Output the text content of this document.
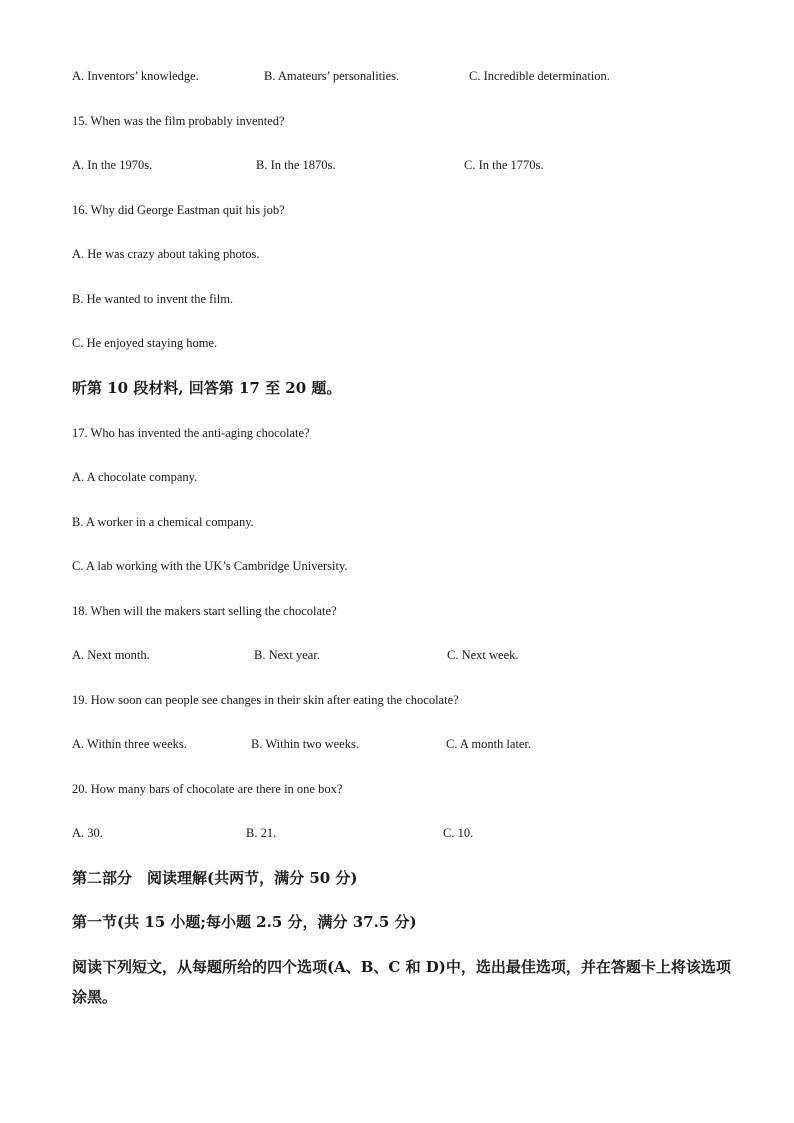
A. Inventors’ knowledge.	B. Amateurs’ personalities.	C. Incredible determination.
15. When was the film probably invented?
A. In the 1970s.	B. In the 1870s.	C. In the 1770s.
16. Why did George Eastman quit his job?
A. He was crazy about taking photos.
B. He wanted to invent the film.
C. He enjoyed staying home.
听第 10 段材料, 回答第 17 至 20 题。
17. Who has invented the anti-aging chocolate?
A. A chocolate company.
B. A worker in a chemical company.
C. A lab working with the UK’s Cambridge University.
18. When will the makers start selling the chocolate?
A. Next month.	B. Next year.	C. Next week.
19. How soon can people see changes in their skin after eating the chocolate?
A. Within three weeks.	B. Within two weeks.	C. A month later.
20. How many bars of chocolate are there in one box?
A. 30.	B. 21.	C. 10.
第二部分　阅读理解(共两节，满分 50 分)
第一节(共 15 小题;每小题 2.5 分，满分 37.5 分)
阅读下列短文，从每题所给的四个选项(A、B、C 和 D)中，选出最佳选项，并在答题卡上将该选项涂黑。
